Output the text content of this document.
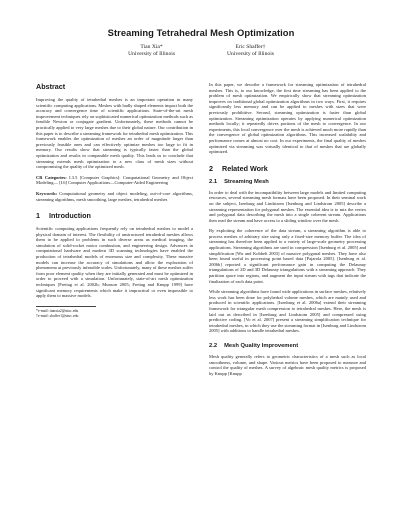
Streaming Tetrahedral Mesh Optimization
Tian Xia*
University of Illinois
Eric Shaffer†
University of Illinois
Abstract

Improving the quality of tetrahedral meshes is an important operation in many scientific computing applications. Meshes with badly shaped elements impact both the accuracy and convergence time of scientific applications. State-of-the-art mesh improvement techniques rely on sophisticated numerical optimization methods such as feasible Newton or conjugate gradient. Unfortunately, these methods cannot be practically applied to very large meshes due to their global nature. Our contribution in this paper is to describe a streaming framework for tetrahedral mesh optimization. This framework enables the optimization of meshes an order of magnitude larger than previously feasible ones and can effectively optimize meshes too large to fit in memory. Our results show that streaming is typically faster than the global optimization and results in comparable mesh quality. This leads us to conclude that streaming extends mesh optimization to a new class of mesh sizes without compromising the quality of the optimized mesh.

CR Categories: I.3.5 [Computer Graphics]: Computational Geometry and Object Modeling— [I.6] Computer Applications—Computer-Aided Engineering

Keywords: Computational geometry and object modeling, out-of-core algorithms, streaming algorithms, mesh smoothing, large meshes, tetrahedral meshes

1 Introduction

Scientific computing applications frequently rely on tetrahedral meshes to model a physical domain of interest. The flexibility of unstructured tetrahedral meshes allows them to be applied to problems in such diverse areas as medical imaging, the simulation of solid-rocket motor combustion, and engineering design. Advances in computational hardware and modern 3D scanning technologies have enabled the production of tetrahedral models of enormous size and complexity. These massive models can increase the accuracy of simulations and allow the exploration of phenomena at previously infeasible scales. Unfortunately, many of these meshes suffer from poor element quality when they are initially generated and must be optimized in order to proceed with a simulation. Unfortunately, state-of-art mesh optimization techniques [Freitag et al. 2002b; Munson 2005; Freitag and Knupp 1999] have significant memory requirements which make it impractical or even impossible to apply them to massive models.

*e-mail: tianxia2@uiuc.edu
†e-mail: shaffer1@uiuc.edu

In this paper, we describe a framework for streaming optimization of tetrahedral meshes. This is, to our knowledge, the first time streaming has been applied to the problem of mesh optimization. We empirically show that streaming optimization improves on traditional global optimization algorithms in two ways. First, it requires significantly less memory and can be applied to meshes with sizes that were previously prohibitive. Second, streaming optimization is faster than global optimization. Streaming optimization operates by applying numerical optimization methods locally; it repeatedly drives portions of the mesh to convergence. In our experiments, this local convergence over the mesh is achieved much more rapidly than the convergence of global optimization algorithms. This increased scalability and performance comes at almost no cost. In our experiments, the final quality of meshes optimized via streaming was virtually identical to that of meshes that are globally optimized.

2 Related Work
2.1 Streaming Mesh

In order to deal with the incompatibility between large models and limited computing resources, several streaming mesh formats have been proposed. In their seminal work on the subject, Isenburg and Lindstrom [Isenburg and Lindstrom 2005] describe a streaming representation for polygonal meshes. The essential idea is to mix the vertex and polygonal data describing the mesh into a single coherent stream. Applications then read the stream and have access to a sliding window over the mesh.

By exploiting the coherence of the data stream, a streaming algorithm is able to process meshes of arbitrary size using only a fixed-size memory buffer. The idea of streaming has therefore been applied to a variety of large-scale geometry processing applications. Streaming algorithms are used in compression [Isenburg et al. 2005] and simplification [Wu and Kobbelt 2003] of massive polygonal meshes. They have also been found useful in processing point based data [Pajarola 2005]. [Isenburg et al. 2006b] reported a significant performance gain in computing the Delaunay triangulations of 2D and 3D Delaunay triangulations with a streaming approach. They partition space into regions, and augment the input stream with tags that indicate the finalization of each data point.

While streaming algorithms have found wide applications in surface meshes, relatively less work has been done for polyhedral volume meshes, which are mainly used and produced in scientific applications. [Isenburg et al. 2006a] extend their streaming framework for triangular mesh compression to tetrahedral meshes. Here, the mesh is laid out as described in [Isenburg and Lindstrom 2005] and compressed using predictive coding. [Vo et al. 2007] present a streaming simplification technique for tetrahedral meshes, in which they use the streaming format in [Isenburg and Lindstrom 2005] with additions to handle tetrahedral meshes.

2.2 Mesh Quality Improvement

Mesh quality generally refers to geometric characteristics of a mesh such as local smoothness, volume, and shape. Various metrics have been proposed to measure and control the quality of meshes. A survey of algebraic mesh quality metrics is proposed by Knupp [Knupp
